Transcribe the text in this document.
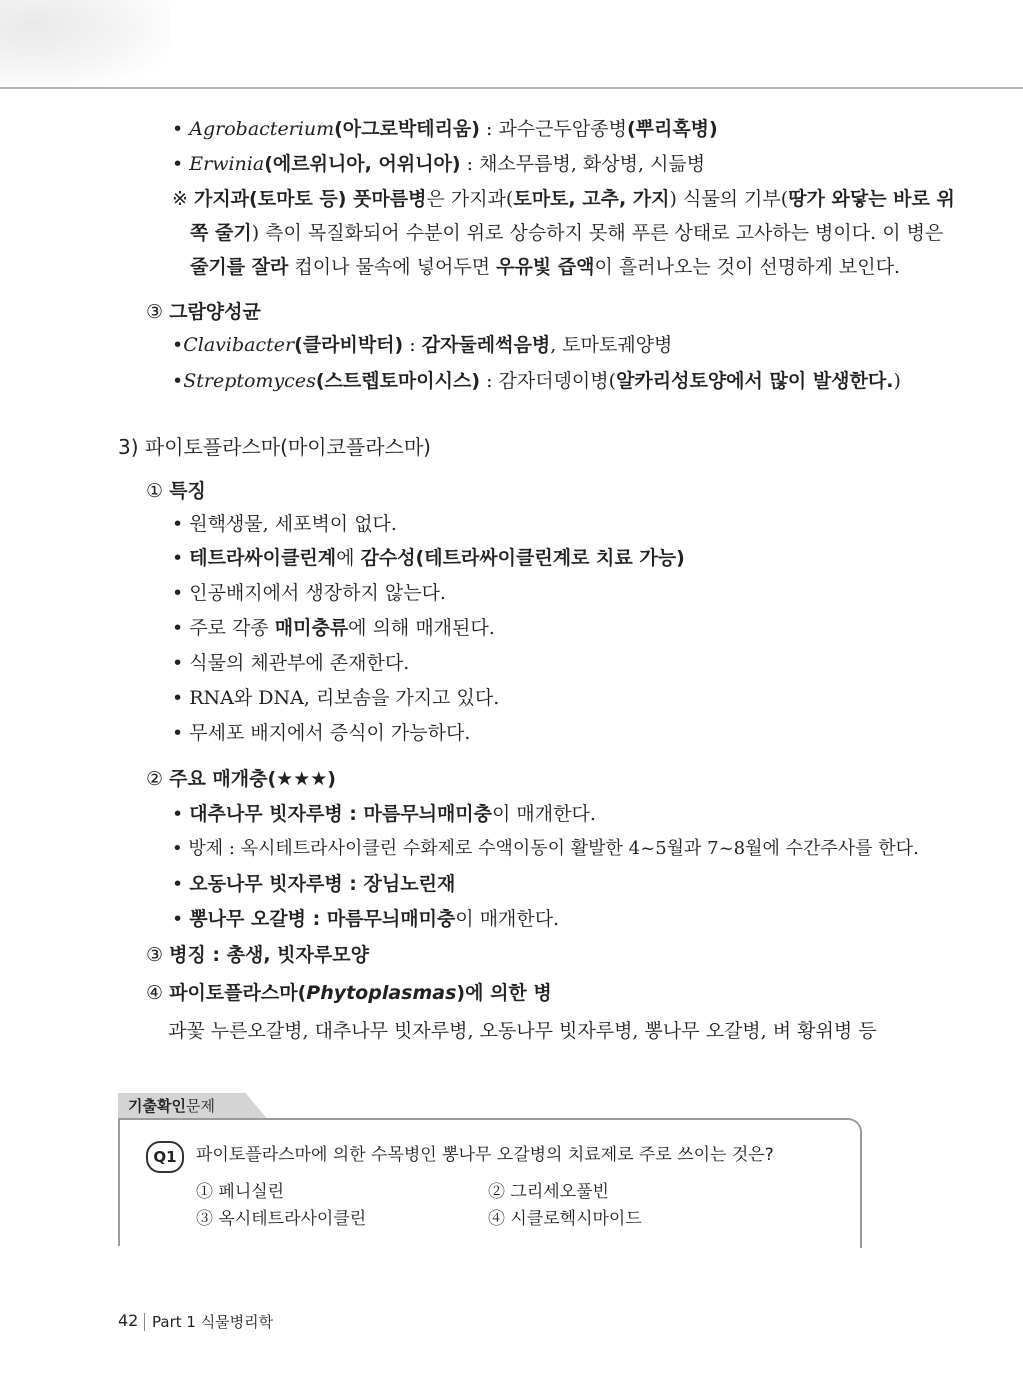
• Agrobacterium(아그로박테리움) : 과수근두암종병(뿌리혹병)
• Erwinia(에르위니아, 어위니아) : 채소무름병, 화상병, 시듦병
※ 가지과(토마토 등) 풋마름병은 가지과(토마토, 고추, 가지) 식물의 기부(땅가 와닿는 바로 위
쪽 줄기) 측이 목질화되어 수분이 위로 상승하지 못해 푸른 상태로 고사하는 병이다. 이 병은
줄기를 잘라 컵이나 물속에 넣어두면 우유빛 즙액이 흘러나오는 것이 선명하게 보인다.
③ 그람양성균
•Clavibacter(클라비박터) : 감자둘레썩음병, 토마토궤양병
•Streptomyces(스트렙토마이시스) : 감자더뎅이병(알카리성토양에서 많이 발생한다.)
3) 파이토플라스마(마이코플라스마)
① 특징
• 원핵생물, 세포벽이 없다.
• 테트라싸이클린계에 감수성(테트라싸이클린계로 치료 가능)
• 인공배지에서 생장하지 않는다.
• 주로 각종 매미충류에 의해 매개된다.
• 식물의 체관부에 존재한다.
• RNA와 DNA, 리보솜을 가지고 있다.
• 무세포 배지에서 증식이 가능하다.
② 주요 매개충(★★★)
• 대추나무 빗자루병 : 마름무늬매미충이 매개한다.
• 방제 : 옥시테트라사이클린 수화제로 수액이동이 활발한 4~5월과 7~8월에 수간주사를 한다.
• 오동나무 빗자루병 : 장님노린재
• 뽕나무 오갈병 : 마름무늬매미충이 매개한다.
③ 병징 : 총생, 빗자루모양
④ 파이토플라스마(Phytoplasmas)에 의한 병
과꽃 누른오갈병, 대추나무 빗자루병, 오동나무 빗자루병, 뽕나무 오갈병, 벼 황위병 등
기출확인문제
Q1	파이토플라스마에 의한 수목병인 뽕나무 오갈병의 치료제로 주로 쓰이는 것은?
① 페니실린	② 그리세오풀빈
③ 옥시테트라사이클린	④ 시클로헥시마이드
42 Part 1 식물병리학
